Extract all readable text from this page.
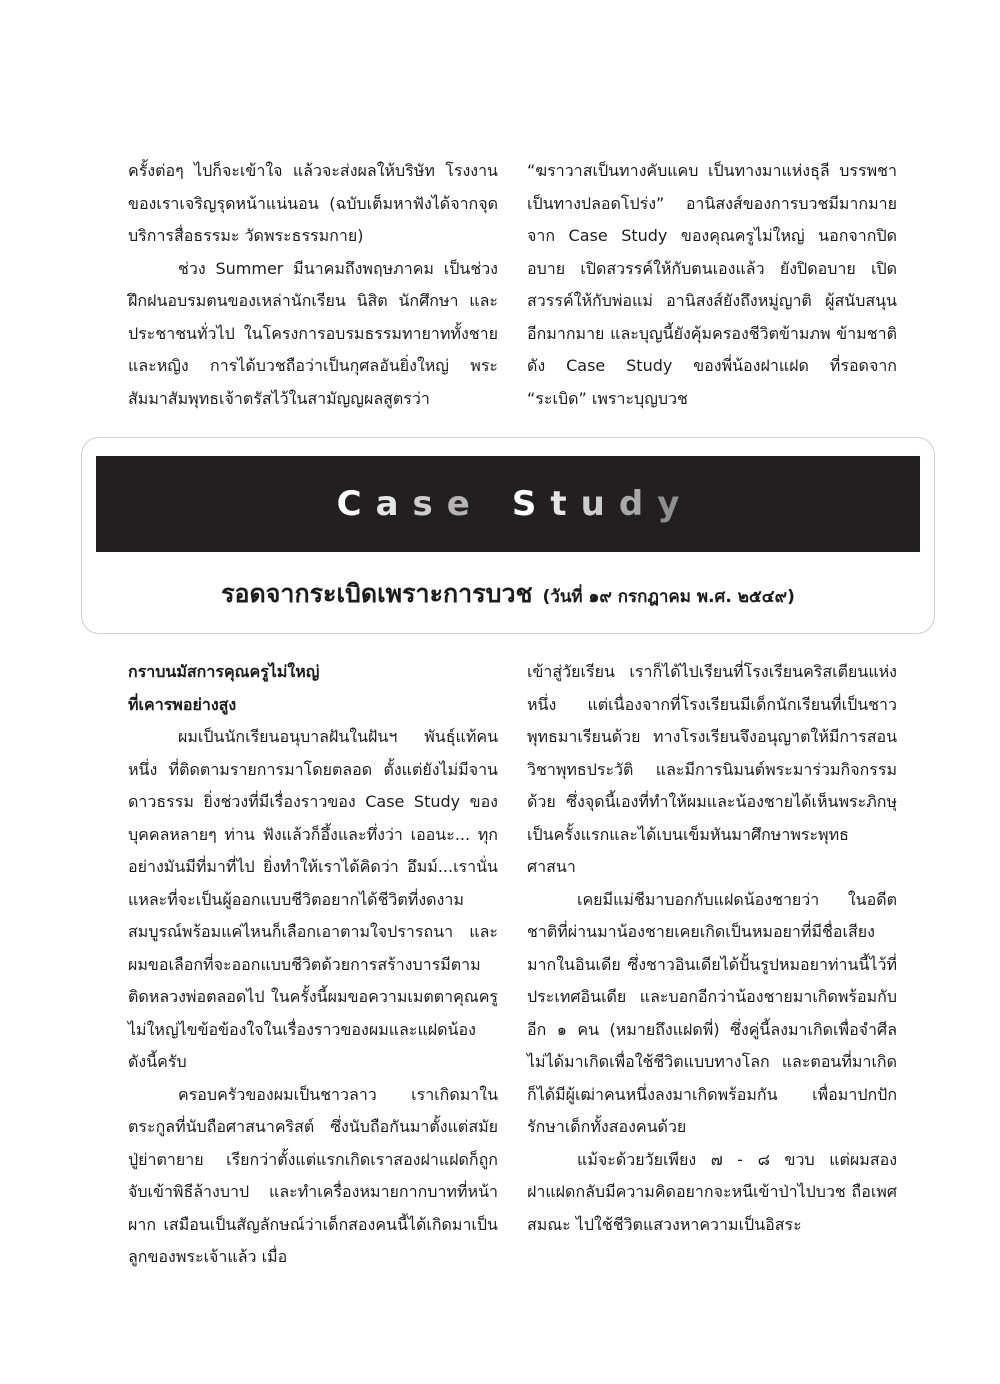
ครั้งต่อๆ ไปก็จะเข้าใจ แล้วจะส่งผลให้บริษัท โรงงานของเราเจริญรุดหน้าแน่นอน (ฉบับเต็มหาฟังได้จากจุดบริการสื่อธรรมะ วัดพระธรรมกาย)

ช่วง Summer มีนาคมถึงพฤษภาคม เป็นช่วงฝึกฝนอบรมตนของเหล่านักเรียน นิสิต นักศึกษา และประชาชนทั่วไป ในโครงการอบรมธรรมทายาททั้งชายและหญิง การได้บวชถือว่าเป็นกุศลอันยิ่งใหญ่ พระสัมมาสัมพุทธเจ้าตรัสไว้ในสามัญญผลสูตรว่า

“ฆราวาสเป็นทางคับแคบ เป็นทางมาแห่งธุลี บรรพชาเป็นทางปลอดโปร่ง” อานิสงส์ของการบวชมีมากมาย จาก Case Study ของคุณครูไม่ใหญ่ นอกจากปิดอบาย เปิดสวรรค์ให้กับตนเองแล้ว ยังปิดอบาย เปิดสวรรค์ให้กับพ่อแม่ อานิสงส์ยังถึงหมู่ญาติ ผู้สนับสนุนอีกมากมาย และบุญนี้ยังคุ้มครองชีวิตข้ามภพ ข้ามชาติ ดัง Case Study ของพี่น้องฝาแฝด ที่รอดจาก “ระเบิด” เพราะบุญบวช

C a s e S t u d y
รอดจากระเบิดเพราะการบวช (วันที่ ๑๙ กรกฎาคม พ.ศ. ๒๕๔๙)

กราบนมัสการคุณครูไม่ใหญ่

ที่เคารพอย่างสูง

ผมเป็นนักเรียนอนุบาลฝันในฝันฯ พันธุ์แท้คนหนึ่ง ที่ติดตามรายการมาโดยตลอด ตั้งแต่ยังไม่มีจานดาวธรรม ยิ่งช่วงที่มีเรื่องราวของ Case Study ของบุคคลหลายๆ ท่าน ฟังแล้วก็อึ้งและทึ่งว่า เออนะ... ทุกอย่างมันมีที่มาที่ไป ยิ่งทำให้เราได้คิดว่า อึมม์...เรานั่นแหละที่จะเป็นผู้ออกแบบชีวิตอยากได้ชีวิตที่งดงามสมบูรณ์พร้อมแค่ไหนก็เลือกเอาตามใจปรารถนา และผมขอเลือกที่จะออกแบบชีวิตด้วยการสร้างบารมีตามติดหลวงพ่อตลอดไป ในครั้งนี้ผมขอความเมตตาคุณครูไม่ใหญ่ไขข้อข้องใจในเรื่องราวของผมและแฝดน้อง ดังนี้ครับ

ครอบครัวของผมเป็นชาวลาว เราเกิดมาในตระกูลที่นับถือศาสนาคริสต์ ซึ่งนับถือกันมาตั้งแต่สมัยปู่ย่าตายาย เรียกว่าตั้งแต่แรกเกิดเราสองฝาแฝดก็ถูกจับเข้าพิธีล้างบาป และทำเครื่องหมายกากบาทที่หน้าผาก เสมือนเป็นสัญลักษณ์ว่าเด็กสองคนนี้ได้เกิดมาเป็นลูกของพระเจ้าแล้ว เมื่อ

เข้าสู่วัยเรียน เราก็ได้ไปเรียนที่โรงเรียนคริสเตียนแห่งหนึ่ง แต่เนื่องจากที่โรงเรียนมีเด็กนักเรียนที่เป็นชาวพุทธมาเรียนด้วย ทางโรงเรียนจึงอนุญาตให้มีการสอนวิชาพุทธประวัติ และมีการนิมนต์พระมาร่วมกิจกรรมด้วย ซึ่งจุดนี้เองที่ทำให้ผมและน้องชายได้เห็นพระภิกษุเป็นครั้งแรกและได้เบนเข็มหันมาศึกษาพระพุทธศาสนา

เคยมีแม่ชีมาบอกกับแฝดน้องชายว่า ในอดีตชาติที่ผ่านมาน้องชายเคยเกิดเป็นหมอยาที่มีชื่อเสียงมากในอินเดีย ซึ่งชาวอินเดียได้ปั้นรูปหมอยาท่านนี้ไว้ที่ประเทศอินเดีย และบอกอีกว่าน้องชายมาเกิดพร้อมกับอีก ๑ คน (หมายถึงแฝดพี่) ซึ่งคู่นี้ลงมาเกิดเพื่อจำศีล ไม่ได้มาเกิดเพื่อใช้ชีวิตแบบทางโลก และตอนที่มาเกิด ก็ได้มีผู้เฒ่าคนหนึ่งลงมาเกิดพร้อมกัน เพื่อมาปกปักรักษาเด็กทั้งสองคนด้วย

แม้จะด้วยวัยเพียง ๗ - ๘ ขวบ แต่ผมสองฝาแฝดกลับมีความคิดอยากจะหนีเข้าป่าไปบวช ถือเพศสมณะ ไปใช้ชีวิตแสวงหาความเป็นอิสระ
